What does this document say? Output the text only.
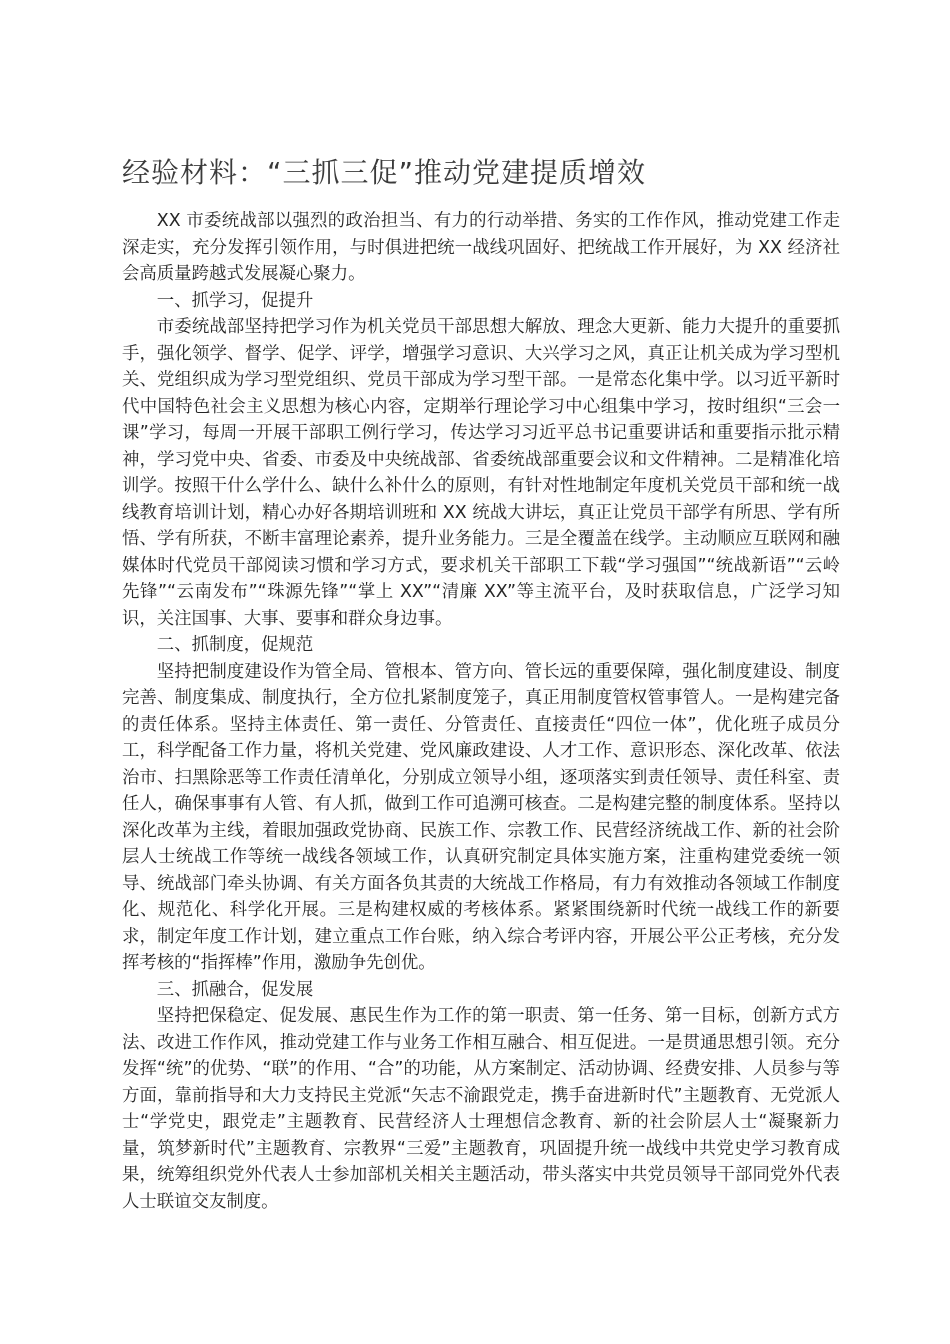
经验材料：“三抓三促”推动党建提质增效

XX 市委统战部以强烈的政治担当、有力的行动举措、务实的工作作风，推动党建工作走深走实，充分发挥引领作用，与时俱进把统一战线巩固好、把统战工作开展好，为 XX 经济社会高质量跨越式发展凝心聚力。

一、抓学习，促提升

市委统战部坚持把学习作为机关党员干部思想大解放、理念大更新、能力大提升的重要抓手，强化领学、督学、促学、评学，增强学习意识、大兴学习之风，真正让机关成为学习型机关、党组织成为学习型党组织、党员干部成为学习型干部。一是常态化集中学。以习近平新时代中国特色社会主义思想为核心内容，定期举行理论学习中心组集中学习，按时组织“三会一课”学习，每周一开展干部职工例行学习，传达学习习近平总书记重要讲话和重要指示批示精神，学习党中央、省委、市委及中央统战部、省委统战部重要会议和文件精神。二是精准化培训学。按照干什么学什么、缺什么补什么的原则，有针对性地制定年度机关党员干部和统一战线教育培训计划，精心办好各期培训班和 XX 统战大讲坛，真正让党员干部学有所思、学有所悟、学有所获，不断丰富理论素养，提升业务能力。三是全覆盖在线学。主动顺应互联网和融媒体时代党员干部阅读习惯和学习方式，要求机关干部职工下载“学习强国”“统战新语”“云岭先锋”“云南发布”“珠源先锋”“掌上 XX”“清廉 XX”等主流平台，及时获取信息，广泛学习知识，关注国事、大事、要事和群众身边事。

二、抓制度，促规范

坚持把制度建设作为管全局、管根本、管方向、管长远的重要保障，强化制度建设、制度完善、制度集成、制度执行，全方位扎紧制度笼子，真正用制度管权管事管人。一是构建完备的责任体系。坚持主体责任、第一责任、分管责任、直接责任“四位一体”，优化班子成员分工，科学配备工作力量，将机关党建、党风廉政建设、人才工作、意识形态、深化改革、依法治市、扫黑除恶等工作责任清单化，分别成立领导小组，逐项落实到责任领导、责任科室、责任人，确保事事有人管、有人抓，做到工作可追溯可核查。二是构建完整的制度体系。坚持以深化改革为主线，着眼加强政党协商、民族工作、宗教工作、民营经济统战工作、新的社会阶层人士统战工作等统一战线各领域工作，认真研究制定具体实施方案，注重构建党委统一领导、统战部门牵头协调、有关方面各负其责的大统战工作格局，有力有效推动各领域工作制度化、规范化、科学化开展。三是构建权威的考核体系。紧紧围绕新时代统一战线工作的新要求，制定年度工作计划，建立重点工作台账，纳入综合考评内容，开展公平公正考核，充分发挥考核的“指挥棒”作用，激励争先创优。

三、抓融合，促发展

坚持把保稳定、促发展、惠民生作为工作的第一职责、第一任务、第一目标，创新方式方法、改进工作作风，推动党建工作与业务工作相互融合、相互促进。一是贯通思想引领。充分发挥“统”的优势、“联”的作用、“合”的功能，从方案制定、活动协调、经费安排、人员参与等方面，靠前指导和大力支持民主党派“矢志不渝跟党走，携手奋进新时代”主题教育、无党派人士“学党史，跟党走”主题教育、民营经济人士理想信念教育、新的社会阶层人士“凝聚新力量，筑梦新时代”主题教育、宗教界“三爱”主题教育，巩固提升统一战线中共党史学习教育成果，统筹组织党外代表人士参加部机关相关主题活动，带头落实中共党员领导干部同党外代表人士联谊交友制度。
